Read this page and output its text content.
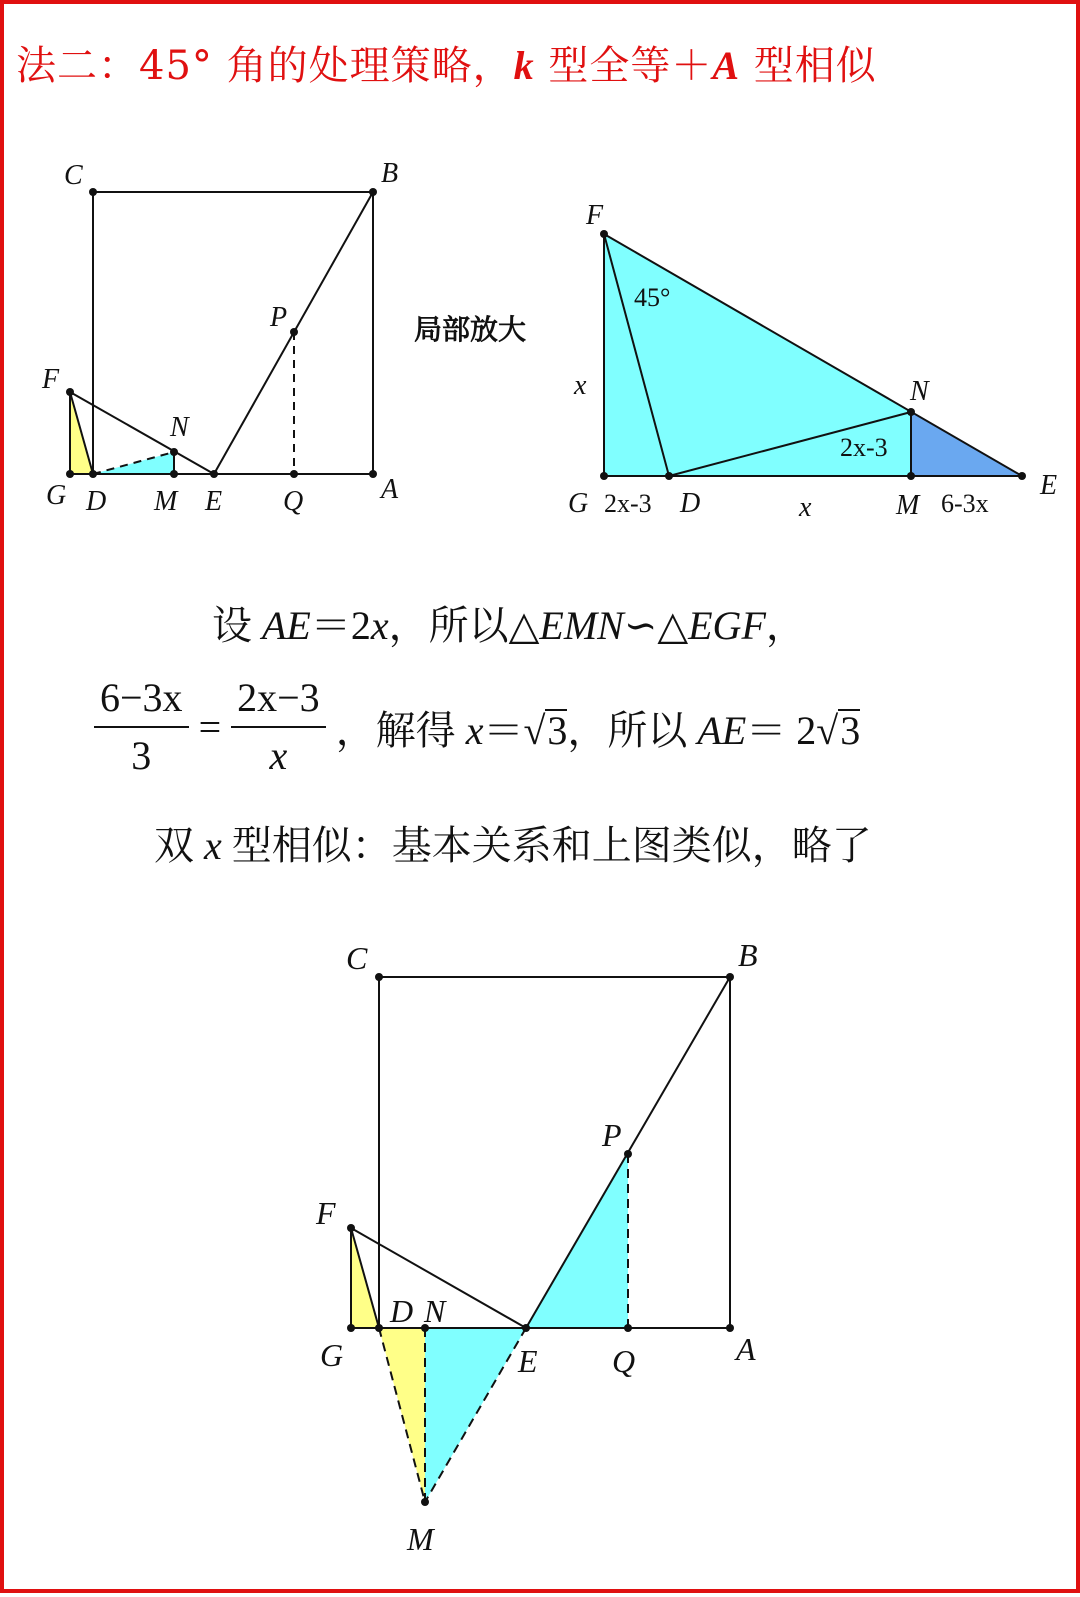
法二：45° 角的处理策略，k 型全等＋A 型相似
C	B
P
F
N
G D M E Q	A
局部放大
F
45°
x	N
2x-3
E
G 2x-3 D	x	M 6-3x
C	B
P
F
D N
G	E Q	A
M
设 AE＝2x，所以△EMN∽△EGF，
$\frac{6-3x}{3} = \frac{2x-3}{x}$ ，解得 x＝√3，所以 AE＝ 2√3
双 x 型相似：基本关系和上图类似，略了
